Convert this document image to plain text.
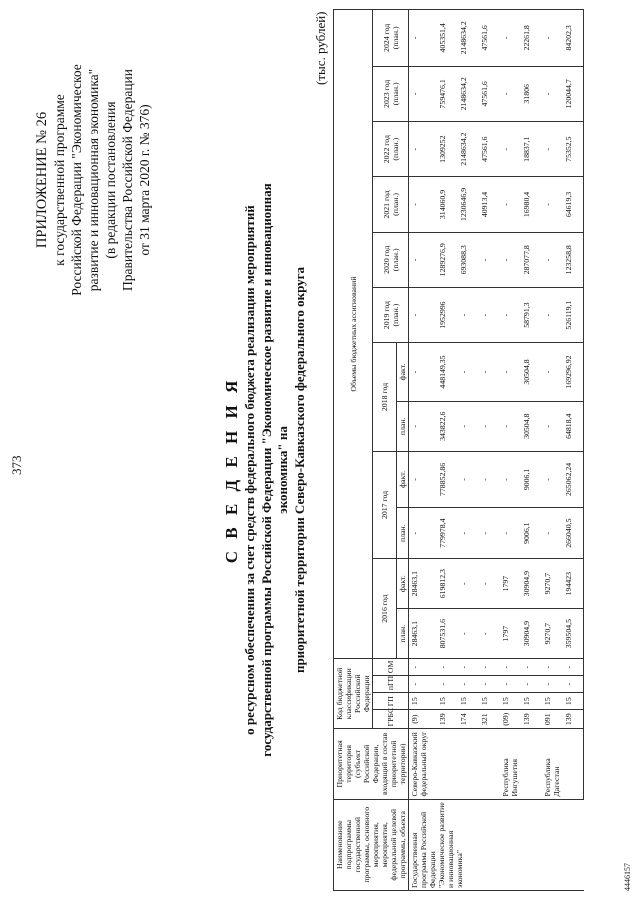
373
ПРИЛОЖЕНИЕ № 26 к государственной программе Российской Федерации "Экономическое развитие и инновационная экономика" (в редакции постановления Правительства Российской Федерации от 31 марта 2020 г. № 376)
С В Е Д Е Н И Я о ресурсном обеспечении за счет средств федерального бюджета реализации мероприятий государственной программы Российской Федерации "Экономическое развитие и инновационная экономика" на приоритетной территории Северо-Кавказского федерального округа
(тыс. рублей)
Наименование подпрограммы государственной программы, основного мероприятия, мероприятия, федеральной целевой программы, объекта	Приоритетная территория (субъект Российской Федерации, входящий в состав приоритетной территории)	Код бюджетной классификации Российской Федерации				Объемы бюджетных ассигнований											
		ГРБС	ГП	пГП	ОМ	2016 год		2017 год		2018 год		2019 год (план.)	2020 год (план.)	2021 год (план.)	2022 год (план.)	2023 год (план.)	2024 год (план.)
						план.	факт.	план.	факт.	план.	факт.						
Государственная программа Российской Федерации "Экономическое развитие и инновационная экономика"	Северо-Кавказский федеральный округ	(9)	15	-	-	28463,1	28463,1	-	-	-	-	-	-	-	-	-	-
		139	15	-	-	807531,6	619812,3	779978,4	778852,86	343822,6	448149,35	1952996	1289276,9	314060,9	1309252	759476,1	405351,4
		174	15	-	-	-	-	-	-	-	-	-	693088,3	1230646,9	2148634,2	2148634,2	2148634,2
		321	15	-	-	-	-	-	-	-	-	-	-	40913,4	47561,6	47561,6	47561,6
	Республика Ингушетия	(09)	15	-	-	1797	1797	-	-	-	-	-	-	-	-	-	-
		139	15	-	-	30904,9	30904,9	9006,1	9006,1	30504,8	30504,8	58791,3	287077,8	16980,4	18837,1	31806	22261,8
	Республика Дагестан	091	15	-	-	9270,7	9270,7	-	-	-	-	-	-	-	-	-	-
		139	15	-	-	359504,5	194423	266040,5	265062,24	64818,4	169296,92	526119,1	123258,8	64619,3	75352,5	120044,7	84202,3
4446157
